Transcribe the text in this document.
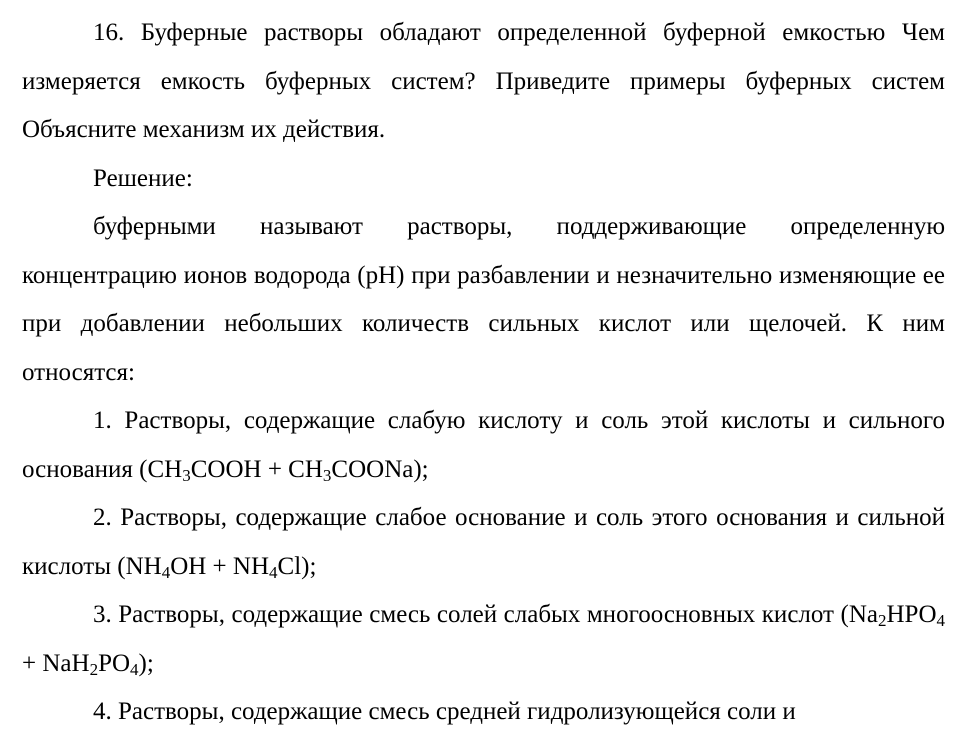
16. Буферные растворы обладают определенной буферной емкостью Чем измеряется емкость буферных систем? Приведите примеры буферных систем Объясните механизм их действия.

Решение:

буферными называют растворы, поддерживающие определенную концентрацию ионов водорода (рН) при разбавлении и незначительно изменяющие ее при добавлении небольших количеств сильных кислот или щелочей. К ним относятся:

1. Растворы, содержащие слабую кислоту и соль этой кислоты и сильного основания ($CH_3COOH$ + $CH_3COONa$);

2. Растворы, содержащие слабое основание и соль этого основания и сильной кислоты $(NH_4OH + NH_4Cl)$;

3. Растворы, содержащие смесь солей слабых многоосновных кислот $(Na_2HPO_4 + NaH_2PO_4)$;

4. Растворы, содержащие смесь средней гидролизующейся соли и
